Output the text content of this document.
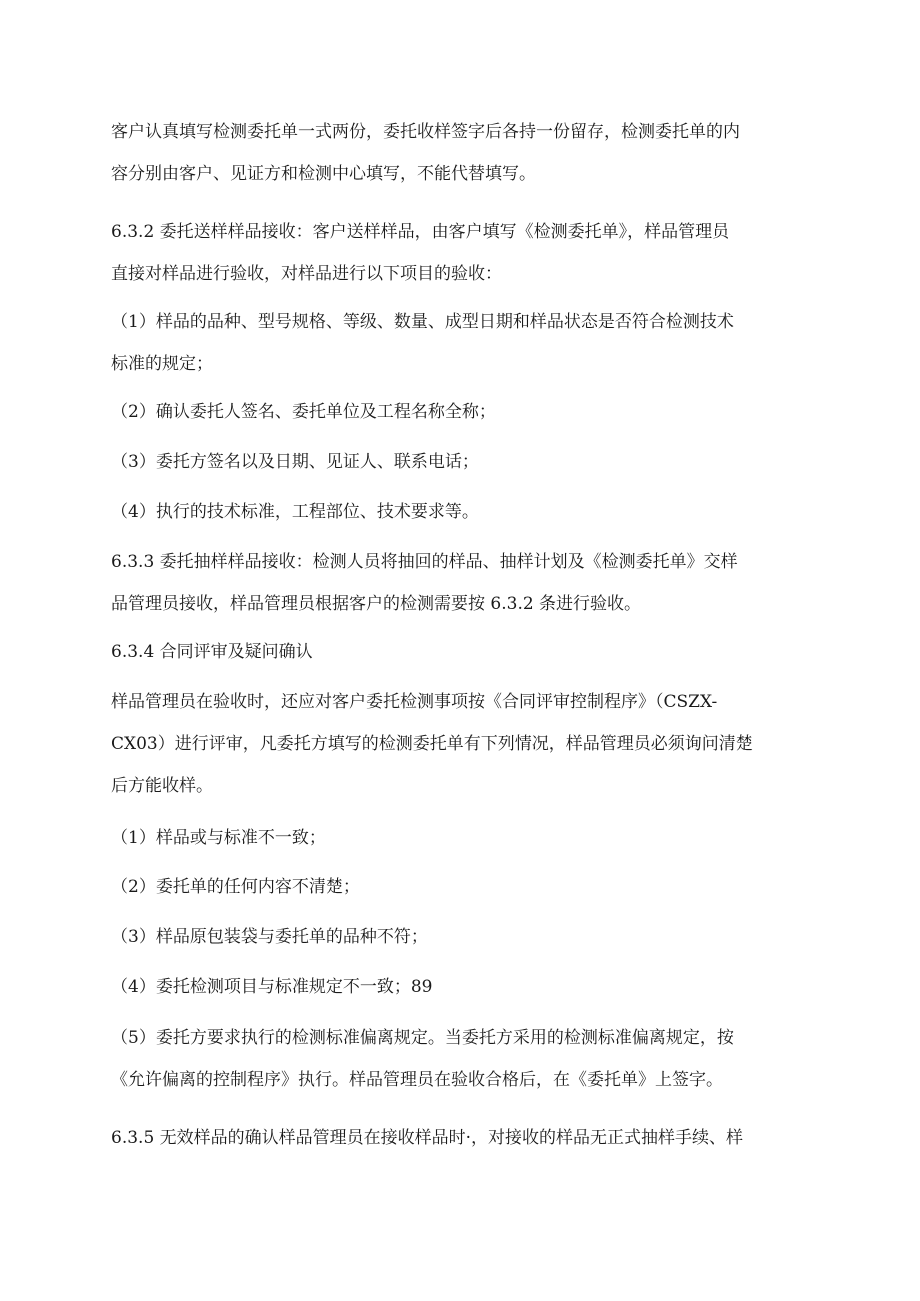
客户认真填写检测委托单一式两份，委托收样签字后各持一份留存，检测委托单的内
容分别由客户、见证方和检测中心填写，不能代替填写。
6.3.2 委托送样样品接收：客户送样样品，由客户填写《检测委托单》，样品管理员
直接对样品进行验收，对样品进行以下项目的验收：
（1）样品的品种、型号规格、等级、数量、成型日期和样品状态是否符合检测技术
标准的规定；
（2）确认委托人签名、委托单位及工程名称全称；
（3）委托方签名以及日期、见证人、联系电话；
（4）执行的技术标准，工程部位、技术要求等。
6.3.3 委托抽样样品接收：检测人员将抽回的样品、抽样计划及《检测委托单》交样
品管理员接收，样品管理员根据客户的检测需要按 6.3.2 条进行验收。
6.3.4 合同评审及疑问确认
样品管理员在验收时，还应对客户委托检测事项按《合同评审控制程序》（CSZX-
CX03）进行评审，凡委托方填写的检测委托单有下列情况，样品管理员必须询问清楚
后方能收样。
（1）样品或与标准不一致；
（2）委托单的任何内容不清楚；
（3）样品原包装袋与委托单的品种不符；
（4）委托检测项目与标准规定不一致；89
（5）委托方要求执行的检测标准偏离规定。当委托方采用的检测标准偏离规定，按
《允许偏离的控制程序》执行。样品管理员在验收合格后，在《委托单》上签字。
6.3.5 无效样品的确认样品管理员在接收样品时·，对接收的样品无正式抽样手续、样
